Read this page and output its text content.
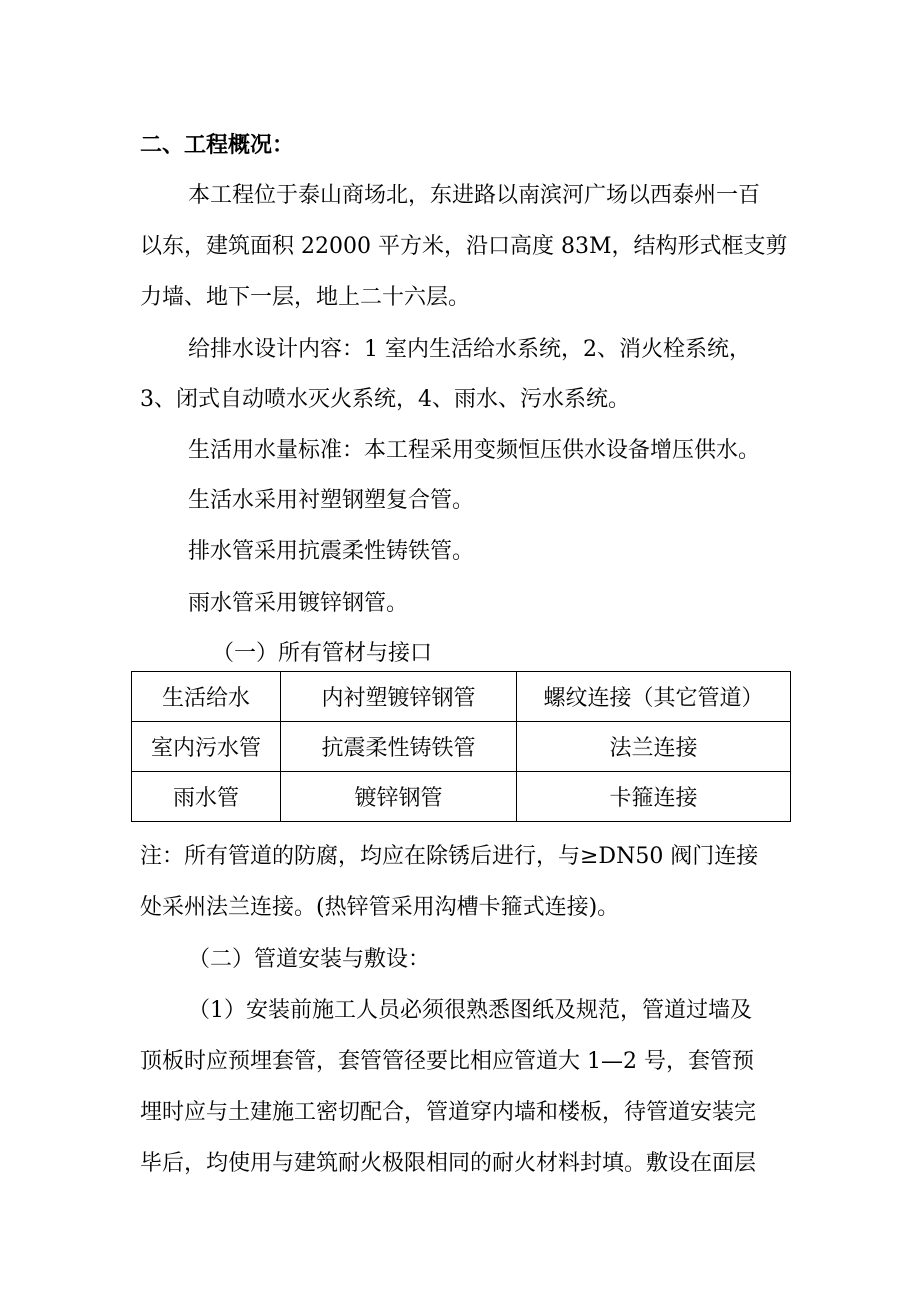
二、工程概况：
本工程位于泰山商场北，东进路以南滨河广场以西泰州一百
以东，建筑面积 22000 平方米，沿口高度 83M，结构形式框支剪
力墙、地下一层，地上二十六层。
给排水设计内容：1 室内生活给水系统，2、消火栓系统，
3、闭式自动喷水灭火系统，4、雨水、污水系统。
生活用水量标准：本工程采用变频恒压供水设备增压供水。
生活水采用衬塑钢塑复合管。
排水管采用抗震柔性铸铁管。
雨水管采用镀锌钢管。
（一）所有管材与接口
生活给水	内衬塑镀锌钢管	螺纹连接（其它管道）
室内污水管	抗震柔性铸铁管	法兰连接
雨水管	镀锌钢管	卡箍连接
注：所有管道的防腐，均应在除锈后进行，与≥DN50 阀门连接
处采州法兰连接。(热锌管采用沟槽卡箍式连接)。
（二）管道安装与敷设：
（1）安装前施工人员必须很熟悉图纸及规范，管道过墙及
顶板时应预埋套管，套管管径要比相应管道大 1—2 号，套管预
埋时应与土建施工密切配合，管道穿内墙和楼板，待管道安装完
毕后，均使用与建筑耐火极限相同的耐火材料封填。敷设在面层
